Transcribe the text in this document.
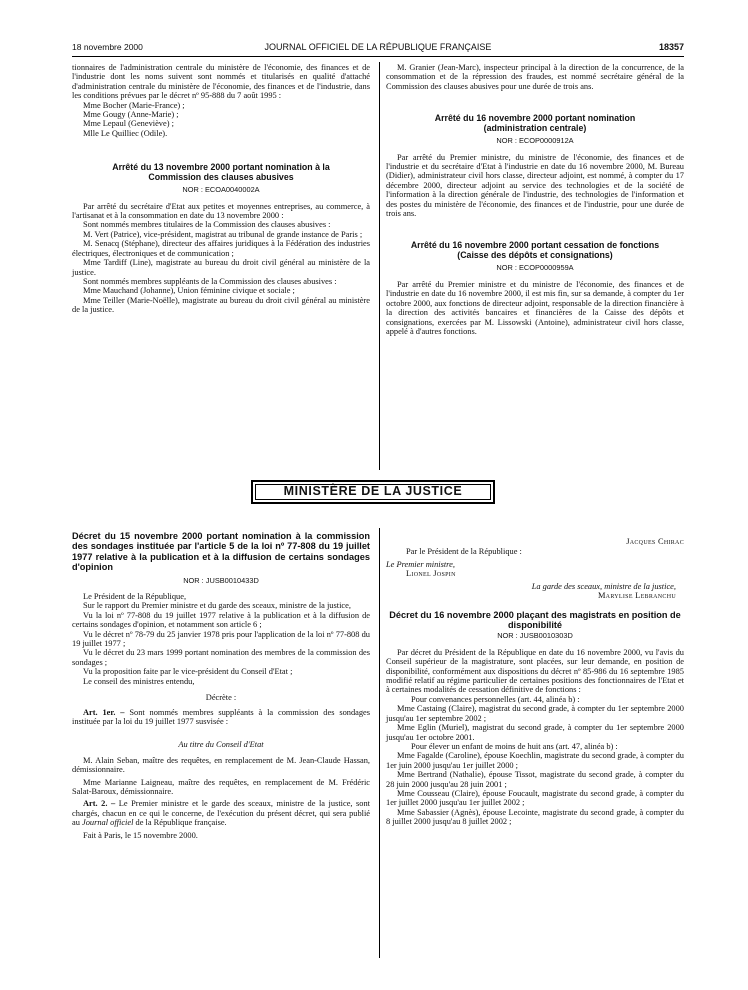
18 novembre 2000	JOURNAL OFFICIEL DE LA RÉPUBLIQUE FRANÇAISE	18357

tionnaires de l'administration centrale du ministère de l'économie, des finances et de l'industrie dont les noms suivent sont nommés et titularisés en qualité d'attaché d'administration centrale du ministère de l'économie, des finances et de l'industrie, dans les conditions prévues par le décret nº 95-888 du 7 août 1995 :

Mme Bocher (Marie-France) ;

Mme Gougy (Anne-Marie) ;

Mme Lepaul (Geneviève) ;

Mlle Le Quilliec (Odile).

Arrêté du 13 novembre 2000 portant nomination à la Commission des clauses abusives

NOR : ECOA0040002A

Par arrêté du secrétaire d'Etat aux petites et moyennes entreprises, au commerce, à l'artisanat et à la consommation en date du 13 novembre 2000 :

Sont nommés membres titulaires de la Commission des clauses abusives :

M. Vert (Patrice), vice-président, magistrat au tribunal de grande instance de Paris ;

M. Senacq (Stéphane), directeur des affaires juridiques à la Fédération des industries électriques, électroniques et de communication ;

Mme Tardiff (Line), magistrate au bureau du droit civil général au ministère de la justice.

Sont nommés membres suppléants de la Commission des clauses abusives :

Mme Mauchand (Johanne), Union féminine civique et sociale ;

Mme Teiller (Marie-Noëlle), magistrate au bureau du droit civil général au ministère de la justice.

M. Granier (Jean-Marc), inspecteur principal à la direction de la concurrence, de la consommation et de la répression des fraudes, est nommé secrétaire général de la Commission des clauses abusives pour une durée de trois ans.

Arrêté du 16 novembre 2000 portant nomination (administration centrale)

NOR : ECOP0000912A

Par arrêté du Premier ministre, du ministre de l'économie, des finances et de l'industrie et du secrétaire d'Etat à l'industrie en date du 16 novembre 2000, M. Bureau (Didier), administrateur civil hors classe, directeur adjoint, est nommé, à compter du 17 décembre 2000, directeur adjoint au service des technologies et de la société de l'information à la direction générale de l'industrie, des technologies de l'information et des postes du ministère de l'économie, des finances et de l'industrie, pour une durée de trois ans.

Arrêté du 16 novembre 2000 portant cessation de fonctions (Caisse des dépôts et consignations)

NOR : ECOP0000959A

Par arrêté du Premier ministre et du ministre de l'économie, des finances et de l'industrie en date du 16 novembre 2000, il est mis fin, sur sa demande, à compter du 1er octobre 2000, aux fonctions de directeur adjoint, responsable de la direction financière à la direction des activités bancaires et financières de la Caisse des dépôts et consignations, exercées par M. Lissowski (Antoine), administrateur civil hors classe, appelé à d'autres fonctions.

MINISTÈRE DE LA JUSTICE

Décret du 15 novembre 2000 portant nomination à la commission des sondages instituée par l'article 5 de la loi nº 77-808 du 19 juillet 1977 relative à la publication et à la diffusion de certains sondages d'opinion

NOR : JUSB0010433D

Le Président de la République,

Sur le rapport du Premier ministre et du garde des sceaux, ministre de la justice,

Vu la loi nº 77-808 du 19 juillet 1977 relative à la publication et à la diffusion de certains sondages d'opinion, et notamment son article 6 ;

Vu le décret nº 78-79 du 25 janvier 1978 pris pour l'application de la loi nº 77-808 du 19 juillet 1977 ;

Vu le décret du 23 mars 1999 portant nomination des membres de la commission des sondages ;

Vu la proposition faite par le vice-président du Conseil d'Etat ;

Le conseil des ministres entendu,

Décrète :

Art. 1er. – Sont nommés membres suppléants à la commission des sondages instituée par la loi du 19 juillet 1977 susvisée :

Au titre du Conseil d'Etat

M. Alain Seban, maître des requêtes, en remplacement de M. Jean-Claude Hassan, démissionnaire.

Mme Marianne Laigneau, maître des requêtes, en remplacement de M. Frédéric Salat-Baroux, démissionnaire.

Art. 2. – Le Premier ministre et le garde des sceaux, ministre de la justice, sont chargés, chacun en ce qui le concerne, de l'exécution du présent décret, qui sera publié au Journal officiel de la République française.

Fait à Paris, le 15 novembre 2000.

Jacques Chirac

Par le Président de la République :

Le Premier ministre,

Lionel Jospin

La garde des sceaux, ministre de la justice,

Marylise Lebranchu

Décret du 16 novembre 2000 plaçant des magistrats en position de disponibilité

NOR : JUSB0010303D

Par décret du Président de la République en date du 16 novembre 2000, vu l'avis du Conseil supérieur de la magistrature, sont placées, sur leur demande, en position de disponibilité, conformément aux dispositions du décret nº 85-986 du 16 septembre 1985 modifié relatif au régime particulier de certaines positions des fonctionnaires de l'Etat et à certaines modalités de cessation définitive de fonctions :

Pour convenances personnelles (art. 44, alinéa b) :

Mme Castaing (Claire), magistrat du second grade, à compter du 1er septembre 2000 jusqu'au 1er septembre 2002 ;

Mme Eglin (Muriel), magistrat du second grade, à compter du 1er septembre 2000 jusqu'au 1er octobre 2001.

Pour élever un enfant de moins de huit ans (art. 47, alinéa b) :

Mme Fagalde (Caroline), épouse Koechlin, magistrate du second grade, à compter du 1er juin 2000 jusqu'au 1er juillet 2000 ;

Mme Bertrand (Nathalie), épouse Tissot, magistrate du second grade, à compter du 28 juin 2000 jusqu'au 28 juin 2001 ;

Mme Cousseau (Claire), épouse Foucault, magistrate du second grade, à compter du 1er juillet 2000 jusqu'au 1er juillet 2002 ;

Mme Sabassier (Agnès), épouse Lecointe, magistrate du second grade, à compter du 8 juillet 2000 jusqu'au 8 juillet 2002 ;
